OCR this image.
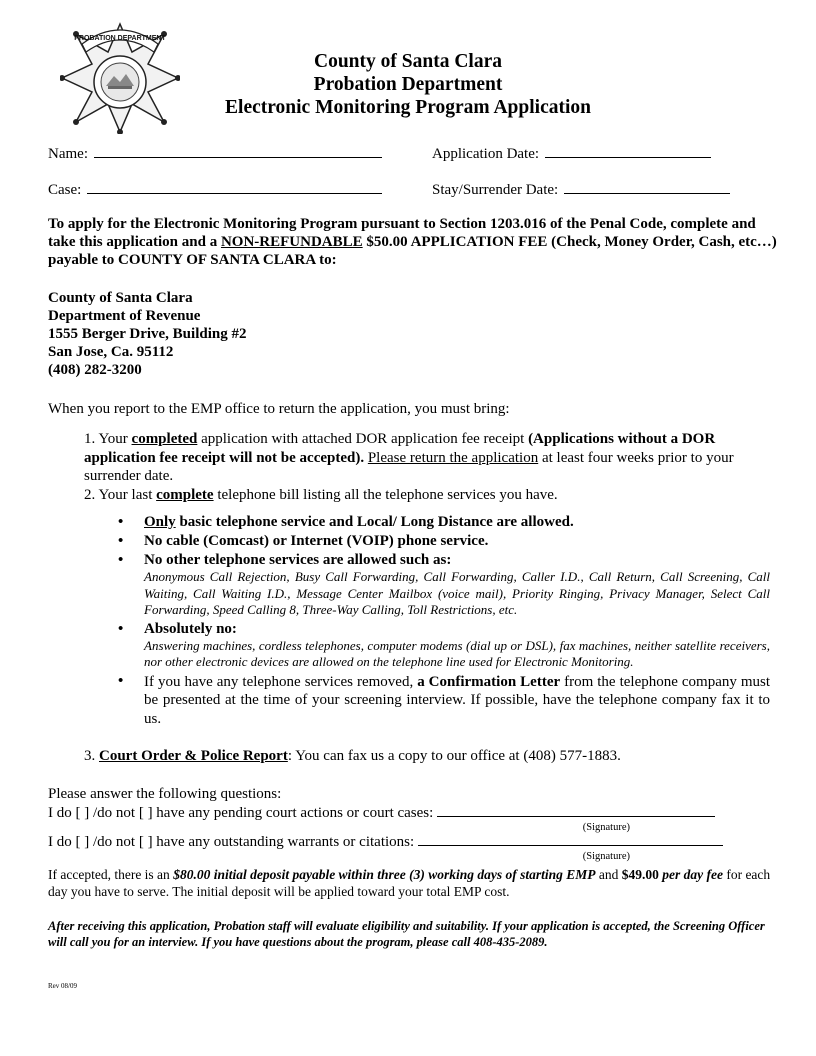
PROBATION DEPARTMENT
County of Santa Clara
Probation Department
Electronic Monitoring Program Application
Name:	Application Date:
Case:	Stay/Surrender Date:
To apply for the Electronic Monitoring Program pursuant to Section 1203.016 of the Penal Code, complete and take this application and a NON-REFUNDABLE $50.00 APPLICATION FEE (Check, Money Order, Cash, etc…) payable to COUNTY OF SANTA CLARA to:
County of Santa Clara
Department of Revenue
1555 Berger Drive, Building #2
San Jose, Ca. 95112
(408) 282-3200
When you report to the EMP office to return the application, you must bring:
1. Your completed application with attached DOR application fee receipt (Applications without a DOR application fee receipt will not be accepted). Please return the application at least four weeks prior to your surrender date.
2. Your last complete telephone bill listing all the telephone services you have.
• Only basic telephone service and Local/ Long Distance are allowed.
• No cable (Comcast) or Internet (VOIP) phone service.
• No other telephone services are allowed such as:
Anonymous Call Rejection, Busy Call Forwarding, Call Forwarding, Caller I.D., Call Return, Call Screening, Call Waiting, Call Waiting I.D., Message Center Mailbox (voice mail), Priority Ringing, Privacy Manager, Select Call Forwarding, Speed Calling 8, Three-Way Calling, Toll Restrictions, etc.
• Absolutely no:
Answering machines, cordless telephones, computer modems (dial up or DSL), fax machines, neither satellite receivers, nor other electronic devices are allowed on the telephone line used for Electronic Monitoring.
• If you have any telephone services removed, a Confirmation Letter from the telephone company must be presented at the time of your screening interview. If possible, have the telephone company fax it to us.
3. Court Order & Police Report: You can fax us a copy to our office at (408) 577-1883.
Please answer the following questions:
I do [ ] /do not [ ] have any pending court actions or court cases:
(Signature)
I do [ ] /do not [ ] have any outstanding warrants or citations:
(Signature)
If accepted, there is an $80.00 initial deposit payable within three (3) working days of starting EMP and $49.00 per day fee for each day you have to serve. The initial deposit will be applied toward your total EMP cost.
After receiving this application, Probation staff will evaluate eligibility and suitability. If your application is accepted, the Screening Officer will call you for an interview. If you have questions about the program, please call 408-435-2089.
Rev 08/09
